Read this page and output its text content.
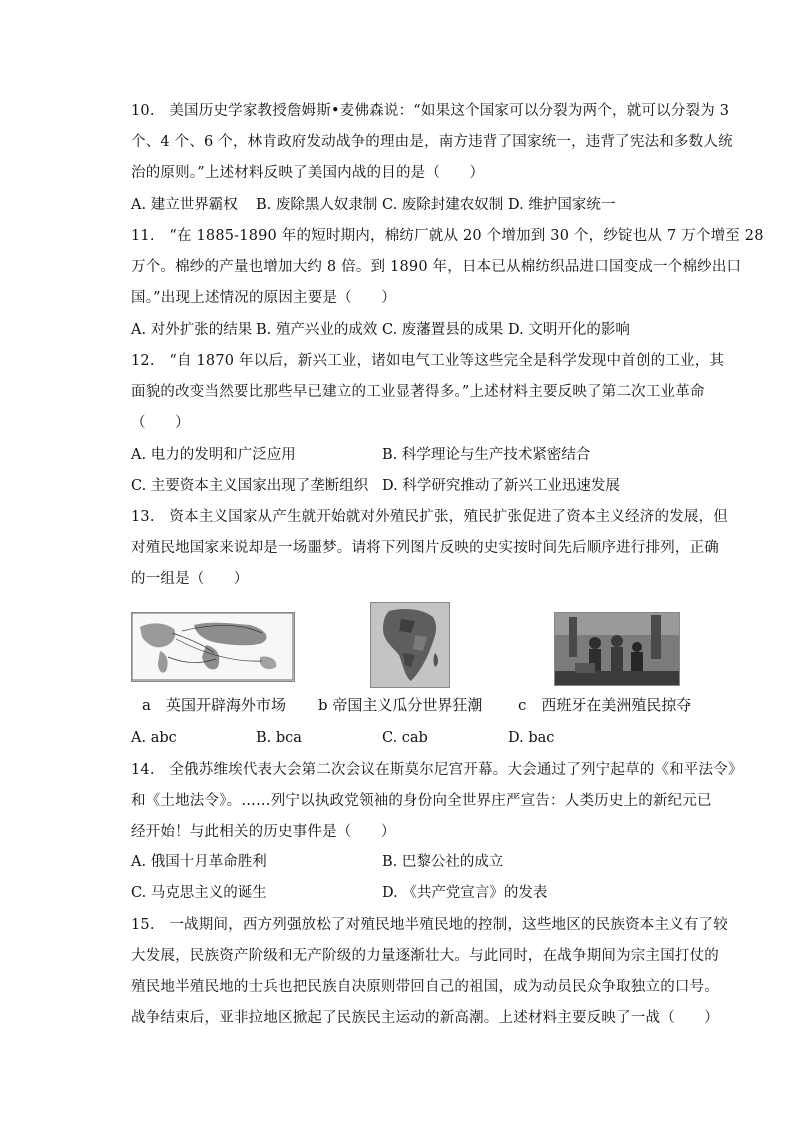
10.　美国历史学家教授詹姆斯•麦佛森说：“如果这个国家可以分裂为两个，就可以分裂为 3
个、4 个、6 个，林肯政府发动战争的理由是，南方违背了国家统一，违背了宪法和多数人统
治的原则。”上述材料反映了美国内战的目的是（　　）
A. 建立世界霸权 B. 废除黑人奴隶制 C. 废除封建农奴制 D. 维护国家统一
11.　“在 1885-1890 年的短时期内，棉纺厂就从 20 个增加到 30 个，纱锭也从 7 万个增至 28
万个。棉纱的产量也增加大约 8 倍。到 1890 年，日本已从棉纺织品进口国变成一个棉纱出口
国。”出现上述情况的原因主要是（　　）
A. 对外扩张的结果 B. 殖产兴业的成效 C. 废藩置县的成果 D. 文明开化的影响
12.　“自 1870 年以后，新兴工业，诸如电气工业等这些完全是科学发现中首创的工业，其
面貌的改变当然要比那些早已建立的工业显著得多。”上述材料主要反映了第二次工业革命
（　　）
A. 电力的发明和广泛应用	B. 科学理论与生产技术紧密结合
C. 主要资本主义国家出现了垄断组织 D. 科学研究推动了新兴工业迅速发展
13.　资本主义国家从产生就开始就对外殖民扩张，殖民扩张促进了资本主义经济的发展，但
对殖民地国家来说却是一场噩梦。请将下列图片反映的史实按时间先后顺序进行排列，正确
的一组是（　　）
a　英国开辟海外市场 b 帝国主义瓜分世界狂潮 c　西班牙在美洲殖民掠夺
A. abc	B. bca	C. cab	D. bac
14.　全俄苏维埃代表大会第二次会议在斯莫尔尼宫开幕。大会通过了列宁起草的《和平法令》
和《土地法令》。……列宁以执政党领袖的身份向全世界庄严宣告：人类历史上的新纪元已
经开始！与此相关的历史事件是（　　）
A. 俄国十月革命胜利	B. 巴黎公社的成立
C. 马克思主义的诞生	D. 《共产党宣言》的发表
15.　一战期间，西方列强放松了对殖民地半殖民地的控制，这些地区的民族资本主义有了较
大发展，民族资产阶级和无产阶级的力量逐渐壮大。与此同时，在战争期间为宗主国打仗的
殖民地半殖民地的士兵也把民族自决原则带回自己的祖国，成为动员民众争取独立的口号。
战争结束后，亚非拉地区掀起了民族民主运动的新高潮。上述材料主要反映了一战（　　）
